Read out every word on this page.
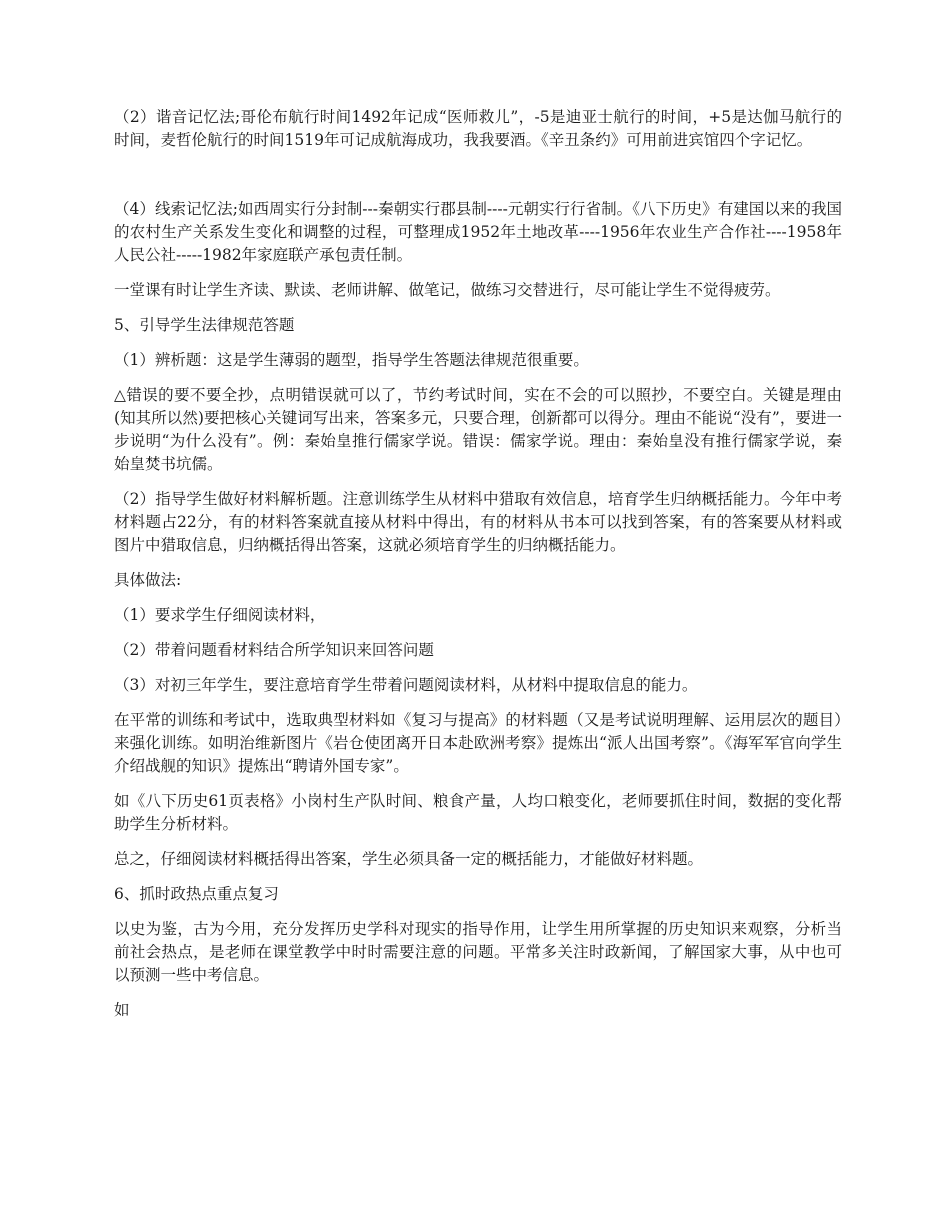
（2）谐音记忆法;哥伦布航行时间1492年记成“医师救儿”，-5是迪亚士航行的时间，+5是达伽马航行的时间，麦哲伦航行的时间1519年可记成航海成功，我我要酒。《辛丑条约》可用前进宾馆四个字记忆。

（4）线索记忆法;如西周实行分封制---秦朝实行郡县制----元朝实行行省制。《八下历史》有建国以来的我国的农村生产关系发生变化和调整的过程，可整理成1952年土地改革----1956年农业生产合作社----1958年人民公社-----1982年家庭联产承包责任制。

一堂课有时让学生齐读、默读、老师讲解、做笔记，做练习交替进行，尽可能让学生不觉得疲劳。

5、引导学生法律规范答题

（1）辨析题：这是学生薄弱的题型，指导学生答题法律规范很重要。

△错误的要不要全抄，点明错误就可以了，节约考试时间，实在不会的可以照抄，不要空白。关键是理由(知其所以然)要把核心关键词写出来，答案多元，只要合理，创新都可以得分。理由不能说“没有”，要进一步说明“为什么没有”。例：秦始皇推行儒家学说。错误：儒家学说。理由：秦始皇没有推行儒家学说，秦始皇焚书坑儒。

（2）指导学生做好材料解析题。注意训练学生从材料中猎取有效信息，培育学生归纳概括能力。今年中考材料题占22分，有的材料答案就直接从材料中得出，有的材料从书本可以找到答案，有的答案要从材料或图片中猎取信息，归纳概括得出答案，这就必须培育学生的归纳概括能力。

具体做法:

（1）要求学生仔细阅读材料，

（2）带着问题看材料结合所学知识来回答问题

（3）对初三年学生，要注意培育学生带着问题阅读材料，从材料中提取信息的能力。

在平常的训练和考试中，选取典型材料如《复习与提高》的材料题（又是考试说明理解、运用层次的题目）来强化训练。如明治维新图片《岩仓使团离开日本赴欧洲考察》提炼出“派人出国考察”。《海军军官向学生介绍战舰的知识》提炼出“聘请外国专家”。

如《八下历史61页表格》小岗村生产队时间、粮食产量，人均口粮变化，老师要抓住时间，数据的变化帮助学生分析材料。

总之，仔细阅读材料概括得出答案，学生必须具备一定的概括能力，才能做好材料题。

6、抓时政热点重点复习

以史为鉴，古为今用，充分发挥历史学科对现实的指导作用，让学生用所掌握的历史知识来观察，分析当前社会热点，是老师在课堂教学中时时需要注意的问题。平常多关注时政新闻，了解国家大事，从中也可以预测一些中考信息。

如
